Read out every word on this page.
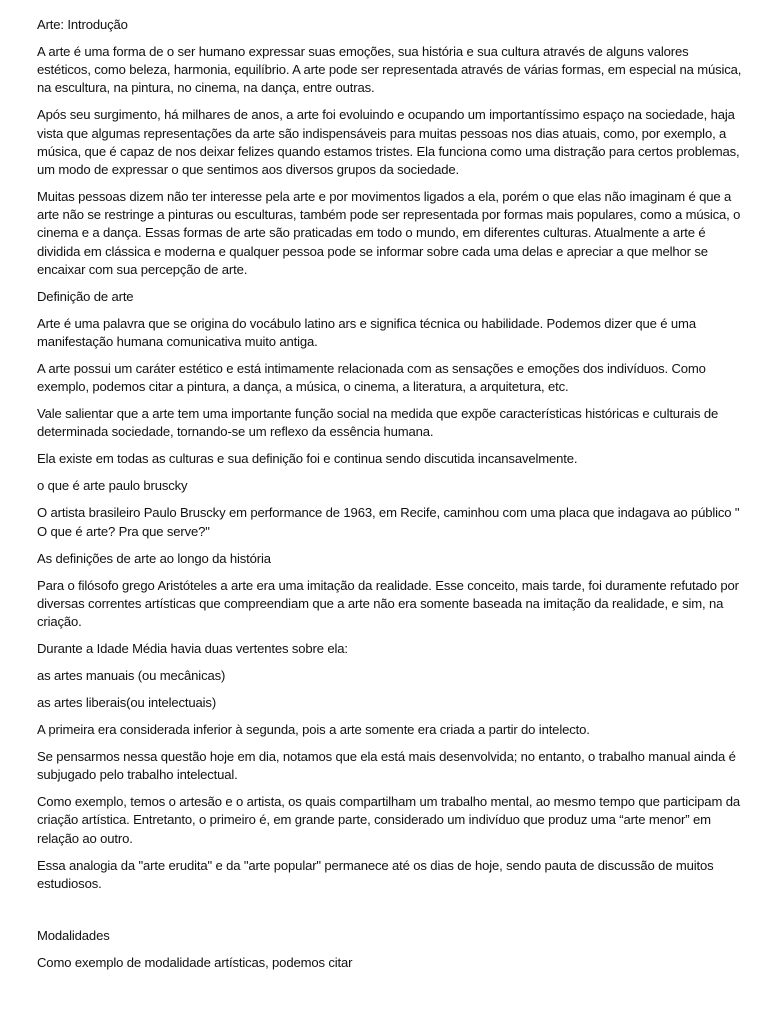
Arte: Introdução

A arte é uma forma de o ser humano expressar suas emoções, sua história e sua cultura através de alguns valores estéticos, como beleza, harmonia, equilíbrio. A arte pode ser representada através de várias formas, em especial na música, na escultura, na pintura, no cinema, na dança, entre outras.

Após seu surgimento, há milhares de anos, a arte foi evoluindo e ocupando um importantíssimo espaço na sociedade, haja vista que algumas representações da arte são indispensáveis para muitas pessoas nos dias atuais, como, por exemplo, a música, que é capaz de nos deixar felizes quando estamos tristes. Ela funciona como uma distração para certos problemas, um modo de expressar o que sentimos aos diversos grupos da sociedade.

Muitas pessoas dizem não ter interesse pela arte e por movimentos ligados a ela, porém o que elas não imaginam é que a arte não se restringe a pinturas ou esculturas, também pode ser representada por formas mais populares, como a música, o cinema e a dança. Essas formas de arte são praticadas em todo o mundo, em diferentes culturas. Atualmente a arte é dividida em clássica e moderna e qualquer pessoa pode se informar sobre cada uma delas e apreciar a que melhor se encaixar com sua percepção de arte.

Definição de arte

Arte é uma palavra que se origina do vocábulo latino ars e significa técnica ou habilidade. Podemos dizer que é uma manifestação humana comunicativa muito antiga.

A arte possui um caráter estético e está intimamente relacionada com as sensações e emoções dos indivíduos. Como exemplo, podemos citar a pintura, a dança, a música, o cinema, a literatura, a arquitetura, etc.

Vale salientar que a arte tem uma importante função social na medida que expõe características históricas e culturais de determinada sociedade, tornando-se um reflexo da essência humana.

Ela existe em todas as culturas e sua definição foi e continua sendo discutida incansavelmente.

o que é arte paulo bruscky

O artista brasileiro Paulo Bruscky em performance de 1963, em Recife, caminhou com uma placa que indagava ao público " O que é arte? Pra que serve?"

As definições de arte ao longo da história

Para o filósofo grego Aristóteles a arte era uma imitação da realidade. Esse conceito, mais tarde, foi duramente refutado por diversas correntes artísticas que compreendiam que a arte não era somente baseada na imitação da realidade, e sim, na criação.

Durante a Idade Média havia duas vertentes sobre ela:

as artes manuais (ou mecânicas)

as artes liberais(ou intelectuais)

A primeira era considerada inferior à segunda, pois a arte somente era criada a partir do intelecto.

Se pensarmos nessa questão hoje em dia, notamos que ela está mais desenvolvida; no entanto, o trabalho manual ainda é subjugado pelo trabalho intelectual.

Como exemplo, temos o artesão e o artista, os quais compartilham um trabalho mental, ao mesmo tempo que participam da criação artística. Entretanto, o primeiro é, em grande parte, considerado um indivíduo que produz uma “arte menor” em relação ao outro.

Essa analogia da "arte erudita" e da "arte popular" permanece até os dias de hoje, sendo pauta de discussão de muitos estudiosos.

Modalidades

Como exemplo de modalidade artísticas, podemos citar
